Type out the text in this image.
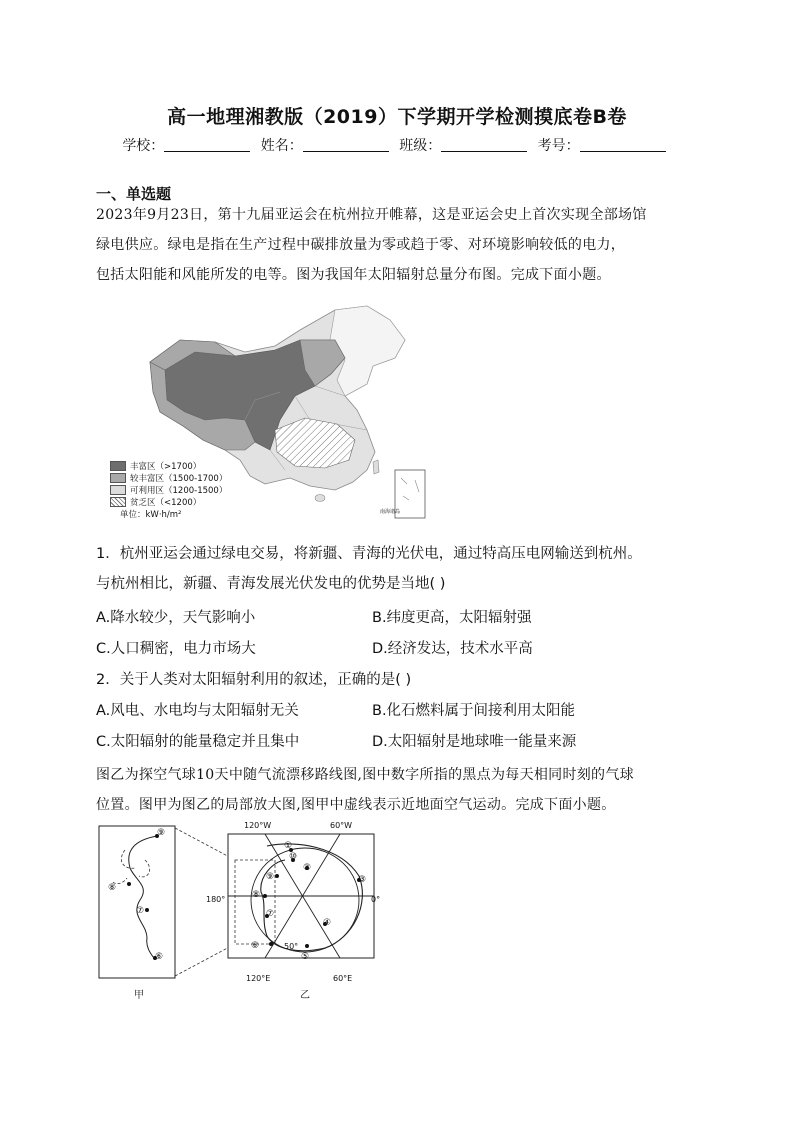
高一地理湘教版（2019）下学期开学检测摸底卷B卷
学校：	姓名：	班级：	考号：
一、单选题
2023年9月23日，第十九届亚运会在杭州拉开帷幕，这是亚运会史上首次实现全部场馆
绿电供应。绿电是指在生产过程中碳排放量为零或趋于零、对环境影响较低的电力，
包括太阳能和风能所发的电等。图为我国年太阳辐射总量分布图。完成下面小题。
南海诸岛
丰富区（>1700）
较丰富区（1500-1700）
可利用区（1200-1500）
贫乏区（<1200）
单位：kW·h/m²
1．杭州亚运会通过绿电交易，将新疆、青海的光伏电，通过特高压电网输送到杭州。
与杭州相比，新疆、青海发展光伏发电的优势是当地( )
A.降水较少，天气影响小	B.纬度更高，太阳辐射强
C.人口稠密，电力市场大	D.经济发达，技术水平高
2．关于人类对太阳辐射利用的叙述，正确的是( )
A.风电、水电均与太阳辐射无关	B.化石燃料属于间接利用太阳能
C.太阳辐射的能量稳定并且集中	D.太阳辐射是地球唯一能量来源
图乙为探空气球10天中随气流漂移路线图,图中数字所指的黑点为每天相同时刻的气球
位置。图甲为图乙的局部放大图,图甲中虚线表示近地面空气运动。完成下面小题。
⑨
⑧
⑦
⑥
120°W	60°W
120°E	60°E
180°	0°
50°
①
②
③
④
⑤
⑥
⑦
⑧
⑨
⑩
甲	乙
